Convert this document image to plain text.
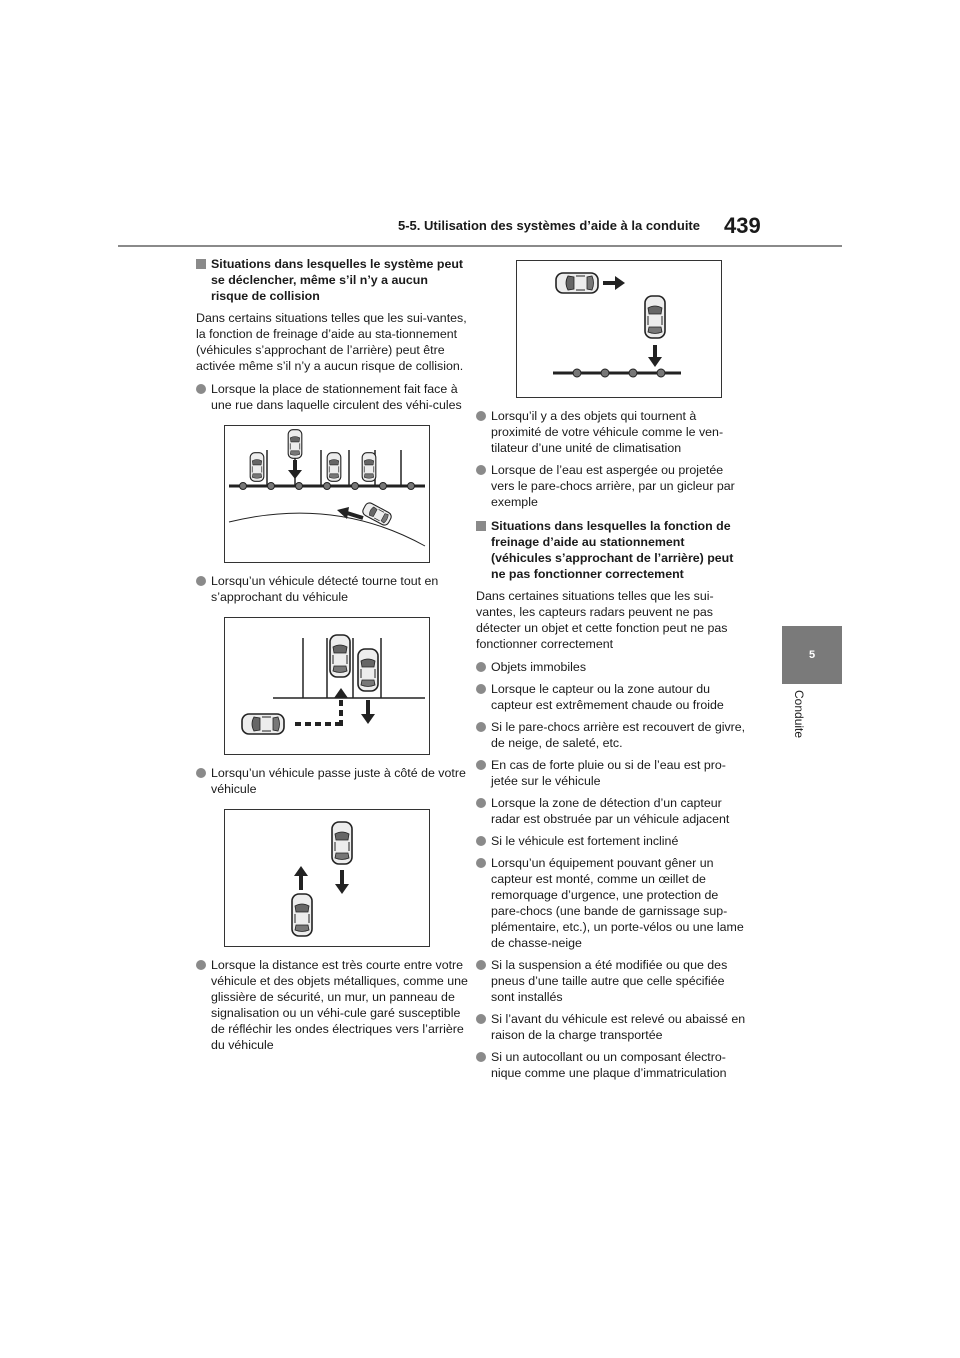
5-5. Utilisation des systèmes d’aide à la conduite 439
5
Conduite
Situations dans lesquelles le système peut se déclencher, même s’il n’y a aucun risque de collision
Dans certains situations telles que les sui-vantes, la fonction de freinage d’aide au sta-tionnement (véhicules s’approchant de l’arrière) peut être activée même s’il n’y a aucun risque de collision.
Lorsque la place de stationnement fait face à une rue dans laquelle circulent des véhi-cules
Lorsqu’un véhicule détecté tourne tout en s’approchant du véhicule
Lorsqu’un véhicule passe juste à côté de votre véhicule
Lorsque la distance est très courte entre votre véhicule et des objets métalliques, comme une glissière de sécurité, un mur, un panneau de signalisation ou un véhi-cule garé susceptible de réfléchir les ondes électriques vers l’arrière du véhicule
Lorsqu’il y a des objets qui tournent à proximité de votre véhicule comme le ven-tilateur d’une unité de climatisation
Lorsque de l’eau est aspergée ou projetée vers le pare-chocs arrière, par un gicleur par exemple
Situations dans lesquelles la fonction de freinage d’aide au stationnement (véhicules s’approchant de l’arrière) peut ne pas fonctionner correctement
Dans certaines situations telles que les sui-vantes, les capteurs radars peuvent ne pas détecter un objet et cette fonction peut ne pas fonctionner correctement
Objets immobiles
Lorsque le capteur ou la zone autour du capteur est extrêmement chaude ou froide
Si le pare-chocs arrière est recouvert de givre, de neige, de saleté, etc.
En cas de forte pluie ou si de l’eau est pro-jetée sur le véhicule
Lorsque la zone de détection d’un capteur radar est obstruée par un véhicule adjacent
Si le véhicule est fortement incliné
Lorsqu’un équipement pouvant gêner un capteur est monté, comme un œillet de remorquage d’urgence, une protection de pare-chocs (une bande de garnissage sup-plémentaire, etc.), un porte-vélos ou une lame de chasse-neige
Si la suspension a été modifiée ou que des pneus d’une taille autre que celle spécifiée sont installés
Si l’avant du véhicule est relevé ou abaissé en raison de la charge transportée
Si un autocollant ou un composant électro-nique comme une plaque d’immatriculation
